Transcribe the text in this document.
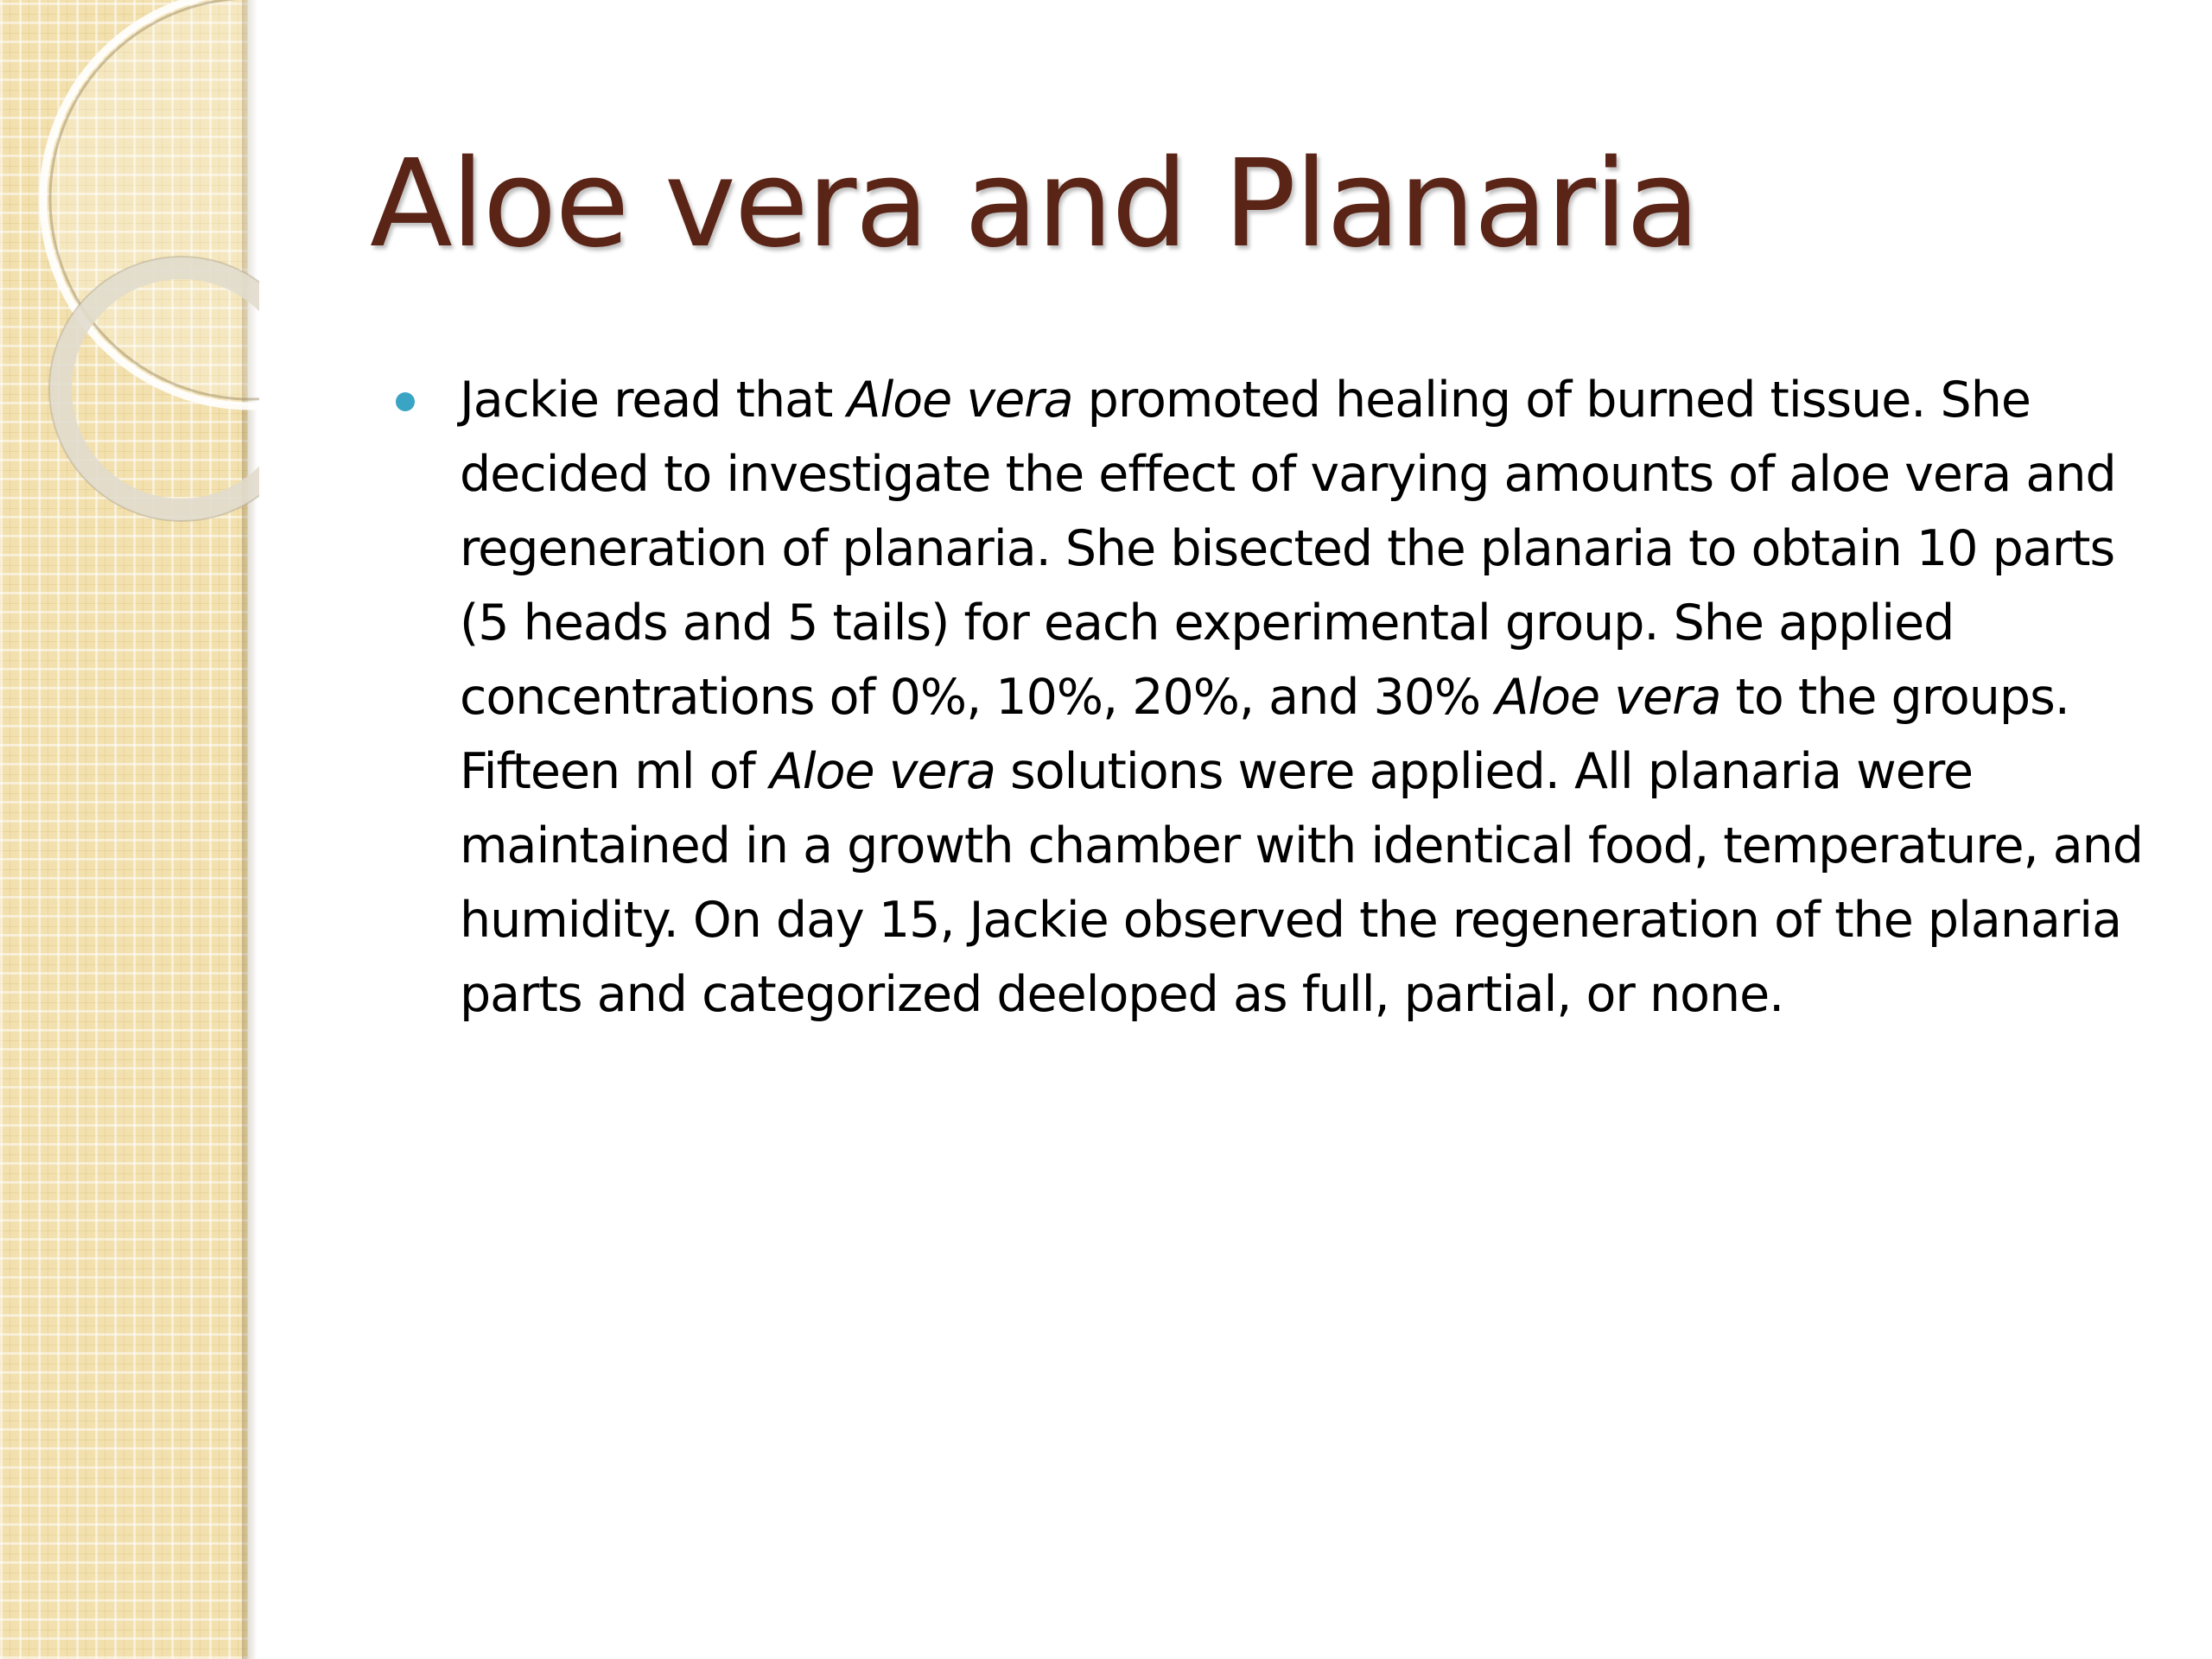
Aloe vera and Planaria
Jackie read that Aloe vera promoted healing of burned tissue. She decided to investigate the effect of varying amounts of aloe vera and regeneration of planaria. She bisected the planaria to obtain 10 parts (5 heads and 5 tails) for each experimental group. She applied concentrations of 0%, 10%, 20%, and 30% Aloe vera to the groups. Fifteen ml of Aloe vera solutions were applied. All planaria were maintained in a growth chamber with identical food, temperature, and humidity. On day 15, Jackie observed the regeneration of the planaria parts and categorized deeloped as full, partial, or none.
